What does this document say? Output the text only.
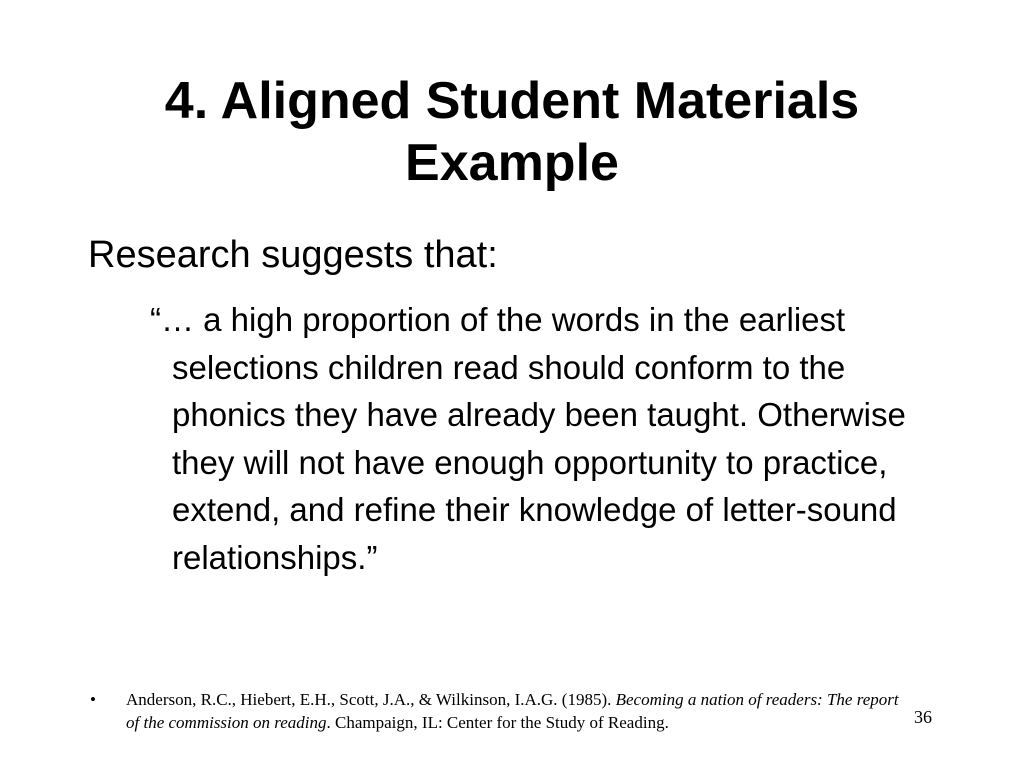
4. Aligned Student Materials
Example

Research suggests that:

“… a high proportion of the words in the earliest selections children read should conform to the phonics they have already been taught. Otherwise they will not have enough opportunity to practice, extend, and refine their knowledge of letter-sound relationships.”

•	Anderson, R.C., Hiebert, E.H., Scott, J.A., & Wilkinson, I.A.G. (1985). Becoming a nation of readers: The report of the commission on reading. Champaign, IL: Center for the Study of Reading.	36
